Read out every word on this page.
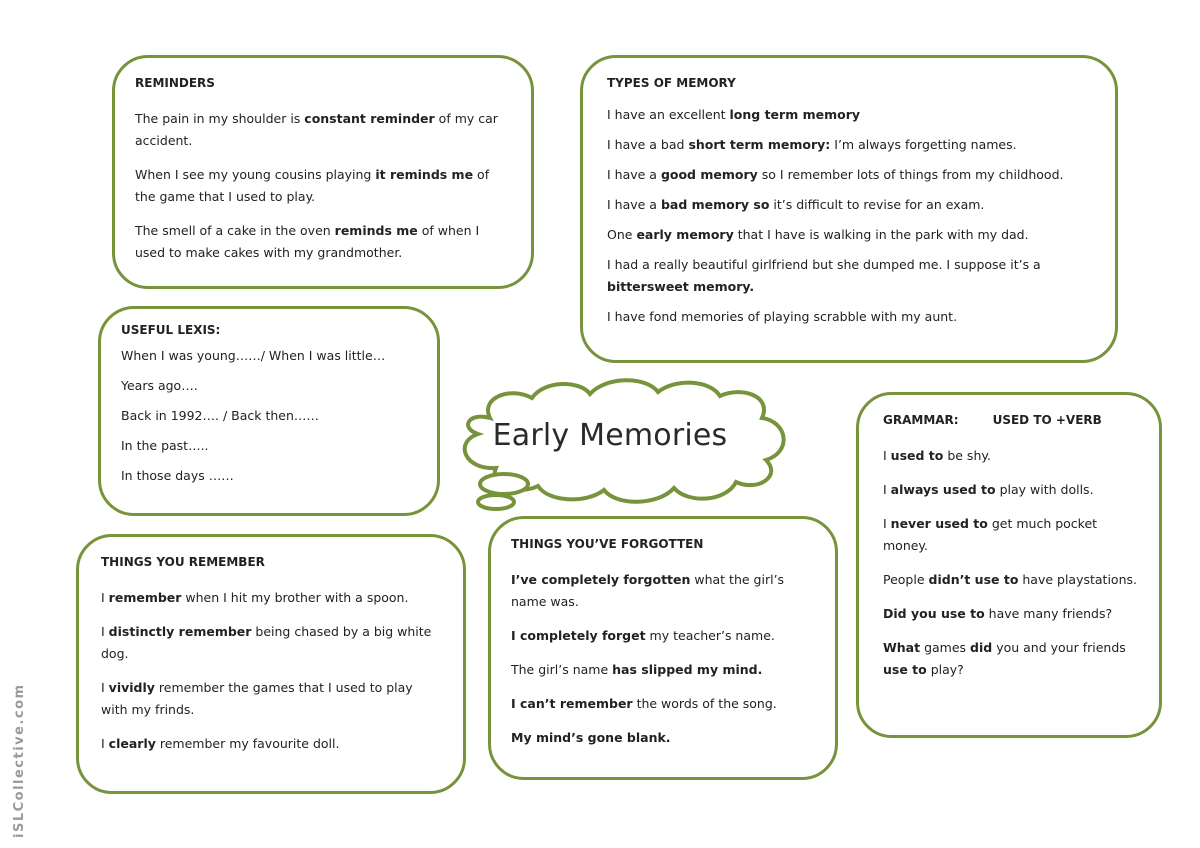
REMINDERS

The pain in my shoulder is constant reminder of my car accident.

When I see my young cousins playing it reminds me of the game that I used to play.

The smell of a cake in the oven reminds me of when I used to make cakes with my grandmother.

TYPES OF MEMORY

I have an excellent long term memory

I have a bad short term memory: I’m always forgetting names.

I have a good memory so I remember lots of things from my childhood.

I have a bad memory so it’s difficult to revise for an exam.

One early memory that I have is walking in the park with my dad.

I had a really beautiful girlfriend but she dumped me. I suppose it’s a bittersweet memory.

I have fond memories of playing scrabble with my aunt.

USEFUL LEXIS:

When I was young……/ When I was little…

Years ago….

Back in 1992…. / Back then……

In the past…..

In those days ……

GRAMMAR:	USED TO +VERB

I used to be shy.

I always used to play with dolls.

I never used to get much pocket money.

People didn’t use to have playstations.

Did you use to have many friends?

What games did you and your friends use to play?

THINGS YOU REMEMBER

I remember when I hit my brother with a spoon.

I distinctly remember being chased by a big white dog.

I vividly remember the games that I used to play with my frinds.

I clearly remember my favourite doll.

THINGS YOU’VE FORGOTTEN

I’ve completely forgotten what the girl’s name was.

I completely forget my teacher’s name.

The girl’s name has slipped my mind.

I can’t remember the words of the song.

My mind’s gone blank.

Early Memories
iSLCollective.com
